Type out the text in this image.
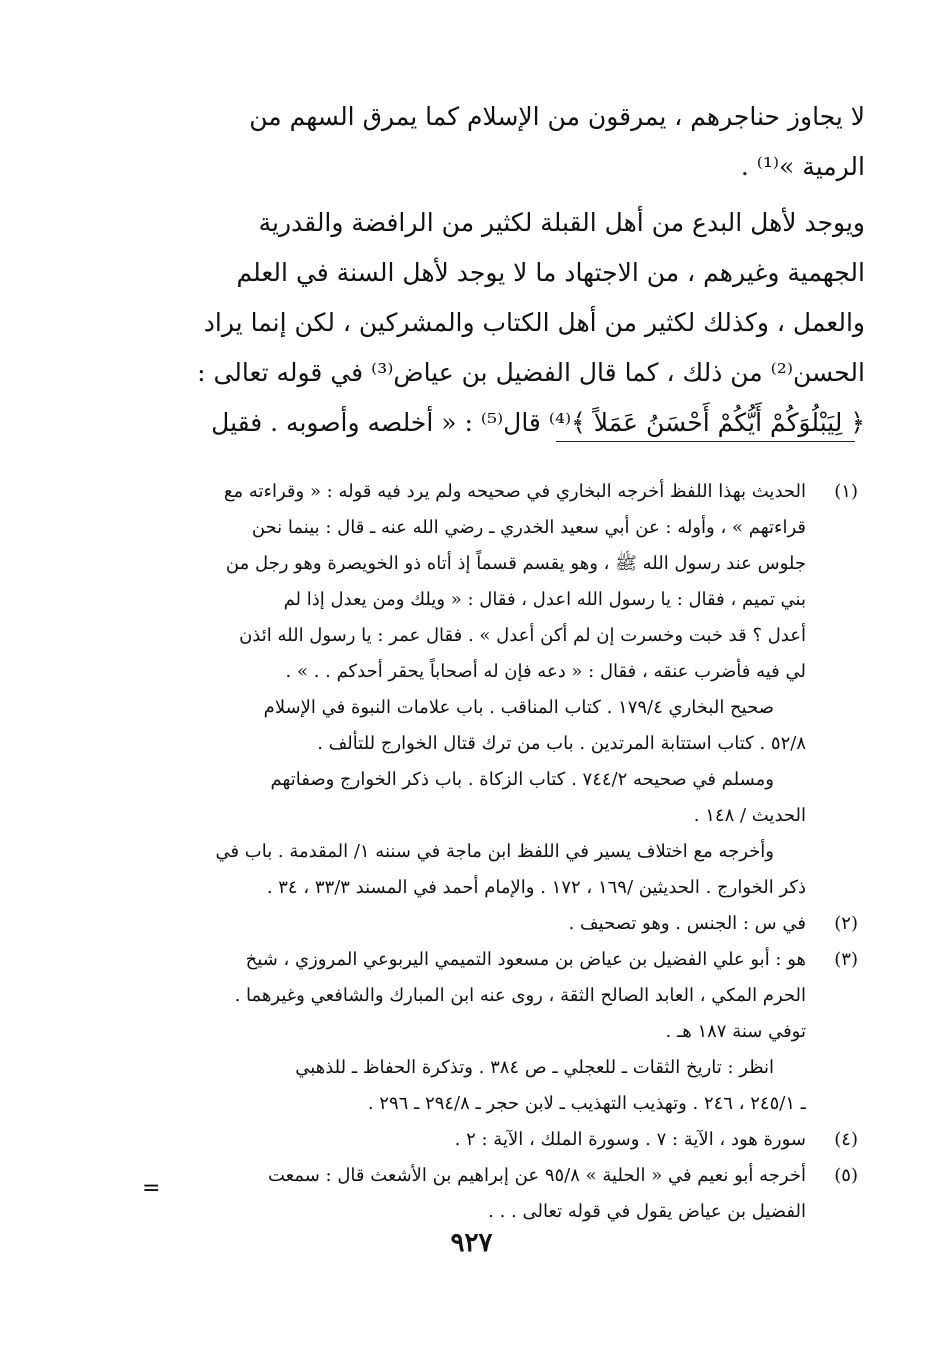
لا يجاوز حناجرهم ، يمرقون من الإسلام كما يمرق السهم من
الرمية »⁽¹⁾ .
ويوجد لأهل البدع من أهل القبلة لكثير من الرافضة والقدرية
الجهمية وغيرهم ، من الاجتهاد ما لا يوجد لأهل السنة في العلم
والعمل ، وكذلك لكثير من أهل الكتاب والمشركين ، لكن إنما يراد
الحسن⁽²⁾ من ذلك ، كما قال الفضيل بن عياض⁽³⁾ في قوله تعالى :
﴿ لِيَبْلُوَكُمْ أَيُّكُمْ أَحْسَنُ عَمَلاً ﴾⁽⁴⁾ قال⁽⁵⁾ : « أخلصه وأصوبه . فقيل
(١)
الحديث بهذا اللفظ أخرجه البخاري في صحيحه ولم يرد فيه قوله : « وقراءته مع
قراءتهم » ، وأوله : عن أبي سعيد الخدري ـ رضي الله عنه ـ قال : بينما نحن
جلوس عند رسول الله ﷺ ، وهو يقسم قسماً إذ أتاه ذو الخويصرة وهو رجل من
بني تميم ، فقال : يا رسول الله اعدل ، فقال : « ويلك ومن يعدل إذا لم
أعدل ؟ قد خبت وخسرت إن لم أكن أعدل » . فقال عمر : يا رسول الله ائذن
لي فيه فأضرب عنقه ، فقال : « دعه فإن له أصحاباً يحقر أحدكم . . » .
صحيح البخاري ١٧٩/٤ . كتاب المناقب . باب علامات النبوة في الإسلام
٥٢/٨ . كتاب استتابة المرتدين . باب من ترك قتال الخوارج للتألف .
ومسلم في صحيحه ٧٤٤/٢ . كتاب الزكاة . باب ذكر الخوارج وصفاتهم
الحديث / ١٤٨ .
وأخرجه مع اختلاف يسير في اللفظ ابن ماجة في سننه ١/ المقدمة . باب في
ذكر الخوارج . الحديثين /١٦٩ ، ١٧٢ . والإمام أحمد في المسند ٣٣/٣ ، ٣٤ .
(٢)
في س : الجنس . وهو تصحيف .
(٣)
هو : أبو علي الفضيل بن عياض بن مسعود التميمي اليربوعي المروزي ، شيخ
الحرم المكي ، العابد الصالح الثقة ، روى عنه ابن المبارك والشافعي وغيرهما .
توفي سنة ١٨٧ هـ .
انظر : تاريخ الثقات ـ للعجلي ـ ص ٣٨٤ . وتذكرة الحفاظ ـ للذهبي
ـ ٢٤٥/١ ، ٢٤٦ . وتهذيب التهذيب ـ لابن حجر ـ ٢٩٤/٨ ـ ٢٩٦ .
(٤)
سورة هود ، الآية : ٧ . وسورة الملك ، الآية : ٢ .
(٥)
أخرجه أبو نعيم في « الحلية » ٩٥/٨ عن إبراهيم بن الأشعث قال : سمعت
الفضيل بن عياض يقول في قوله تعالى . . .
=
٩٢٧
